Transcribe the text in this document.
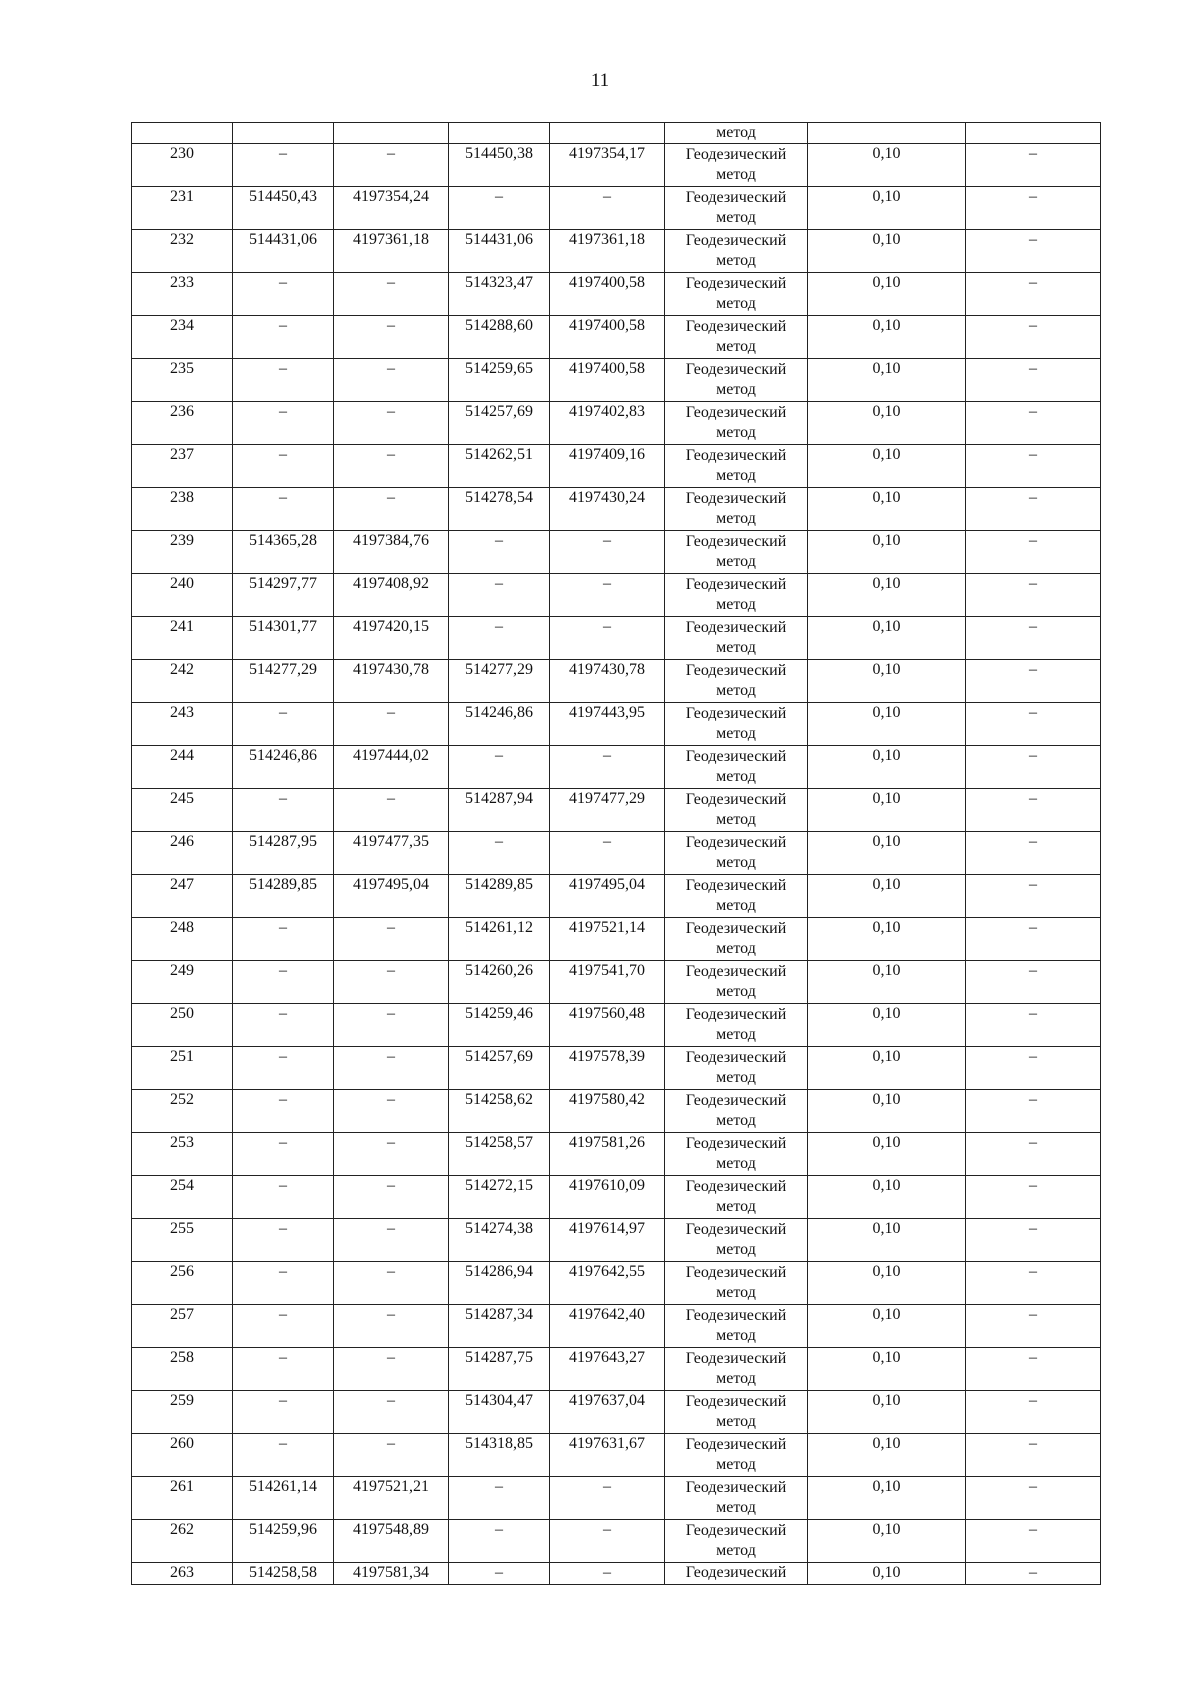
11
					метод		
230	–	–	514450,38	4197354,17	Геодезический
метод	0,10	–
231	514450,43	4197354,24	–	–	Геодезический
метод	0,10	–
232	514431,06	4197361,18	514431,06	4197361,18	Геодезический
метод	0,10	–
233	–	–	514323,47	4197400,58	Геодезический
метод	0,10	–
234	–	–	514288,60	4197400,58	Геодезический
метод	0,10	–
235	–	–	514259,65	4197400,58	Геодезический
метод	0,10	–
236	–	–	514257,69	4197402,83	Геодезический
метод	0,10	–
237	–	–	514262,51	4197409,16	Геодезический
метод	0,10	–
238	–	–	514278,54	4197430,24	Геодезический
метод	0,10	–
239	514365,28	4197384,76	–	–	Геодезический
метод	0,10	–
240	514297,77	4197408,92	–	–	Геодезический
метод	0,10	–
241	514301,77	4197420,15	–	–	Геодезический
метод	0,10	–
242	514277,29	4197430,78	514277,29	4197430,78	Геодезический
метод	0,10	–
243	–	–	514246,86	4197443,95	Геодезический
метод	0,10	–
244	514246,86	4197444,02	–	–	Геодезический
метод	0,10	–
245	–	–	514287,94	4197477,29	Геодезический
метод	0,10	–
246	514287,95	4197477,35	–	–	Геодезический
метод	0,10	–
247	514289,85	4197495,04	514289,85	4197495,04	Геодезический
метод	0,10	–
248	–	–	514261,12	4197521,14	Геодезический
метод	0,10	–
249	–	–	514260,26	4197541,70	Геодезический
метод	0,10	–
250	–	–	514259,46	4197560,48	Геодезический
метод	0,10	–
251	–	–	514257,69	4197578,39	Геодезический
метод	0,10	–
252	–	–	514258,62	4197580,42	Геодезический
метод	0,10	–
253	–	–	514258,57	4197581,26	Геодезический
метод	0,10	–
254	–	–	514272,15	4197610,09	Геодезический
метод	0,10	–
255	–	–	514274,38	4197614,97	Геодезический
метод	0,10	–
256	–	–	514286,94	4197642,55	Геодезический
метод	0,10	–
257	–	–	514287,34	4197642,40	Геодезический
метод	0,10	–
258	–	–	514287,75	4197643,27	Геодезический
метод	0,10	–
259	–	–	514304,47	4197637,04	Геодезический
метод	0,10	–
260	–	–	514318,85	4197631,67	Геодезический
метод	0,10	–
261	514261,14	4197521,21	–	–	Геодезический
метод	0,10	–
262	514259,96	4197548,89	–	–	Геодезический
метод	0,10	–
263	514258,58	4197581,34	–	–	Геодезический	0,10	–
